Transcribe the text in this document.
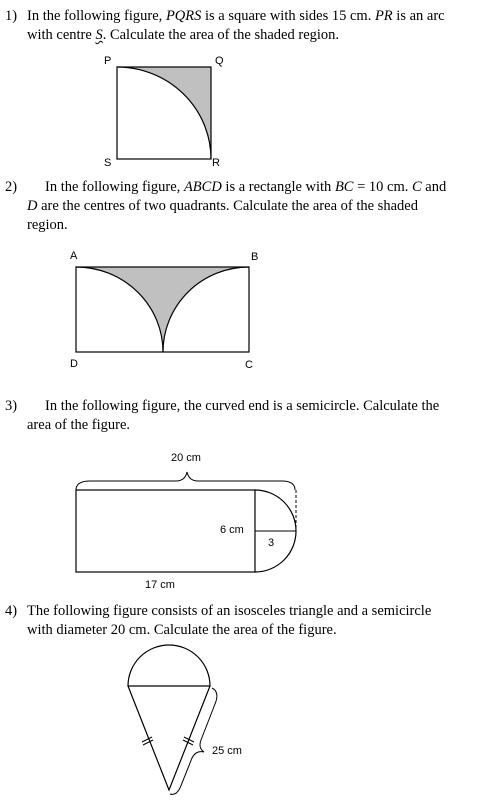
1) In the following figure, PQRS is a square with sides 15 cm. PR is an arc
with centre S. Calculate the area of the shaded region.
P	Q
S	R
2)	In the following figure, ABCD is a rectangle with BC = 10 cm. C and
D are the centres of two quadrants. Calculate the area of the shaded
region.
A	B
D	C
3)	In the following figure, the curved end is a semicircle. Calculate the
area of the figure.
20 cm
6 cm
3
17 cm
4) The following figure consists of an isosceles triangle and a semicircle
with diameter 20 cm. Calculate the area of the figure.
25 cm
